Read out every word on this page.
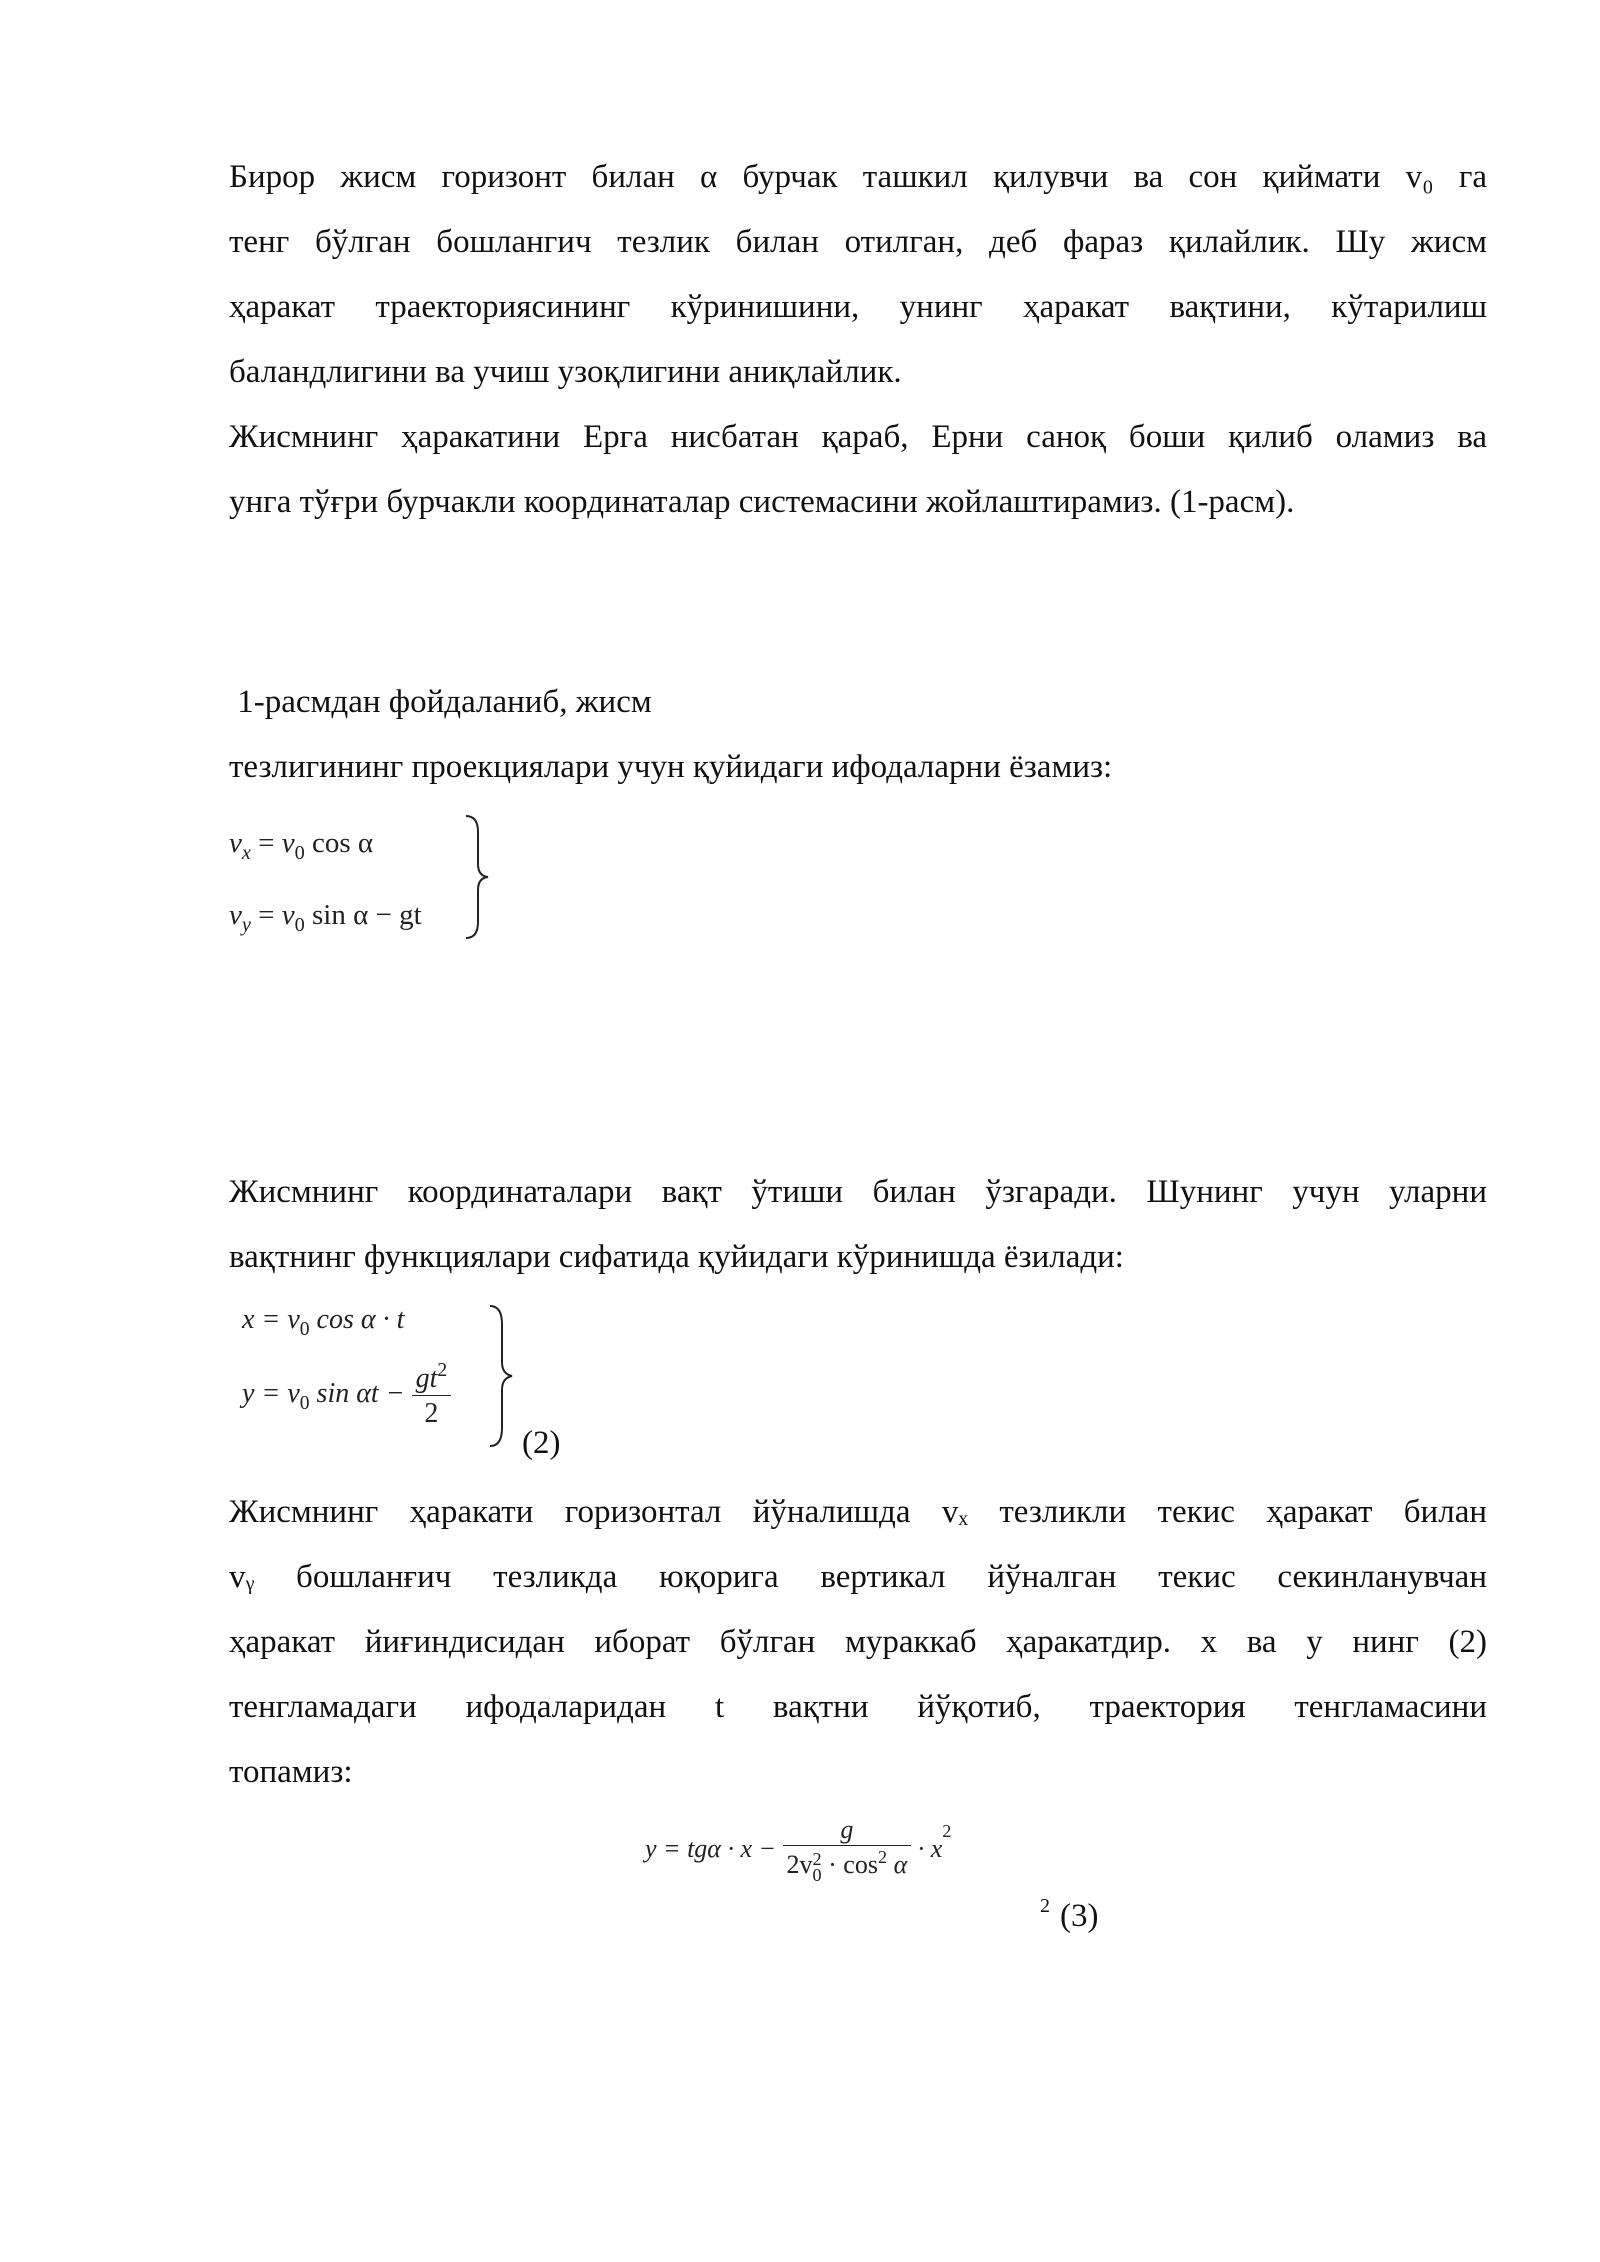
Бирор жисм горизонт билан α бурчак ташкил қилувчи ва сон қиймати v₀ га
тенг бўлган бошлангич тезлик билан отилган, деб фараз қилайлик. Шу жисм
ҳаракат траекториясининг кўринишини, унинг ҳаракат вақтини, кўтарилиш
баландлигини ва учиш узоқлигини аниқлайлик.
Жисмнинг ҳаракатини Ерга нисбатан қараб, Ерни саноқ боши қилиб оламиз ва
унга тўғри бурчакли координаталар системасини жойлаштирамиз. (1-расм).
1-расмдан фойдаланиб, жисм
тезлигининг проекциялари учун қуйидаги ифодаларни ёзамиз:
$v_x = v_0$ cos α
$v_y = v_0$ sin α − gt
Жисмнинг координаталари вақт ўтиши билан ўзгаради. Шунинг учун уларни
вақтнинг функциялари сифатида қуйидаги кўринишда ёзилади:
$x = v_0$ cos α · t
$y = v_0$ $\sin \alpha t - \frac{gt^2}{2}$
(2)
Жисмнинг ҳаракати горизонтал йўналишда vₓ тезликли текис ҳаракат билан
vᵧ бошланғич тезликда юқорига вертикал йўналган текис секинланувчан
ҳаракат йиғиндисидан иборат бўлган мураккаб ҳаракатдир. x ва y нинг (2)
тенгламадаги ифодаларидан t вақтни йўқотиб, траектория тенгламасини
топамиз:
y = tgα · x − g
2v 2
$0 \cdot \cos^2 \alpha \cdot x^2$
2 (3)
